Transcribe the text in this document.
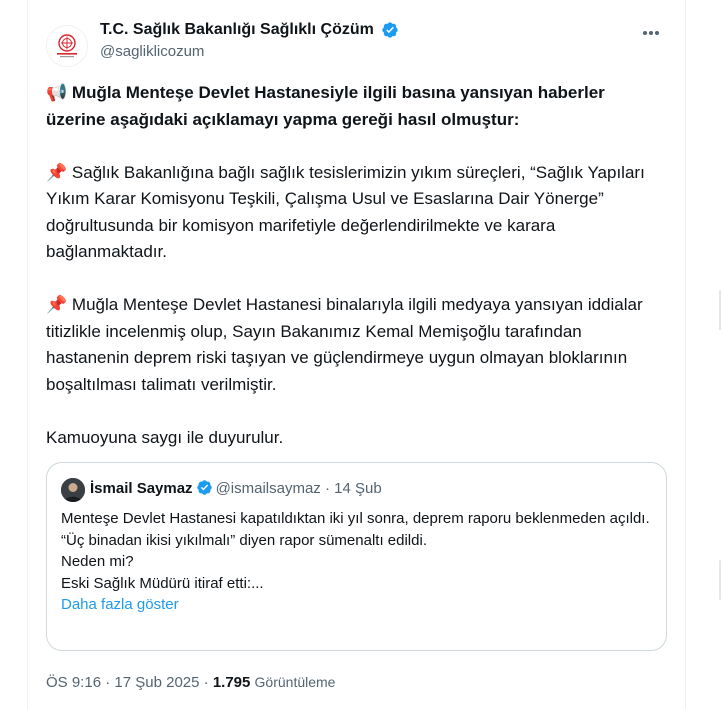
T.C. Sağlık Bakanlığı Sağlıklı Çözüm
@sagliklicozum

📢 Muğla Menteşe Devlet Hastanesiyle ilgili basına yansıyan haberler üzerine aşağıdaki açıklamayı yapma gereği hasıl olmuştur:

📌 Sağlık Bakanlığına bağlı sağlık tesislerimizin yıkım süreçleri, “Sağlık Yapıları Yıkım Karar Komisyonu Teşkili, Çalışma Usul ve Esaslarına Dair Yönerge” doğrultusunda bir komisyon marifetiyle değerlendirilmekte ve karara bağlanmaktadır.

📌 Muğla Menteşe Devlet Hastanesi binalarıyla ilgili medyaya yansıyan iddialar titizlikle incelenmiş olup, Sayın Bakanımız Kemal Memişoğlu tarafından hastanenin deprem riski taşıyan ve güçlendirmeye uygun olmayan bloklarının boşaltılması talimatı verilmiştir.

Kamuoyuna saygı ile duyurulur.

İsmail Saymaz @ismailsaymaz · 14 Şub

Menteşe Devlet Hastanesi kapatıldıktan iki yıl sonra, deprem raporu beklenmeden açıldı.

“Üç binadan ikisi yıkılmalı” diyen rapor sümenaltı edildi.

Neden mi?

Eski Sağlık Müdürü itiraf etti:...

Daha fazla göster

ÖS 9:16 · 17 Şub 2025 · 1.795 Görüntüleme
